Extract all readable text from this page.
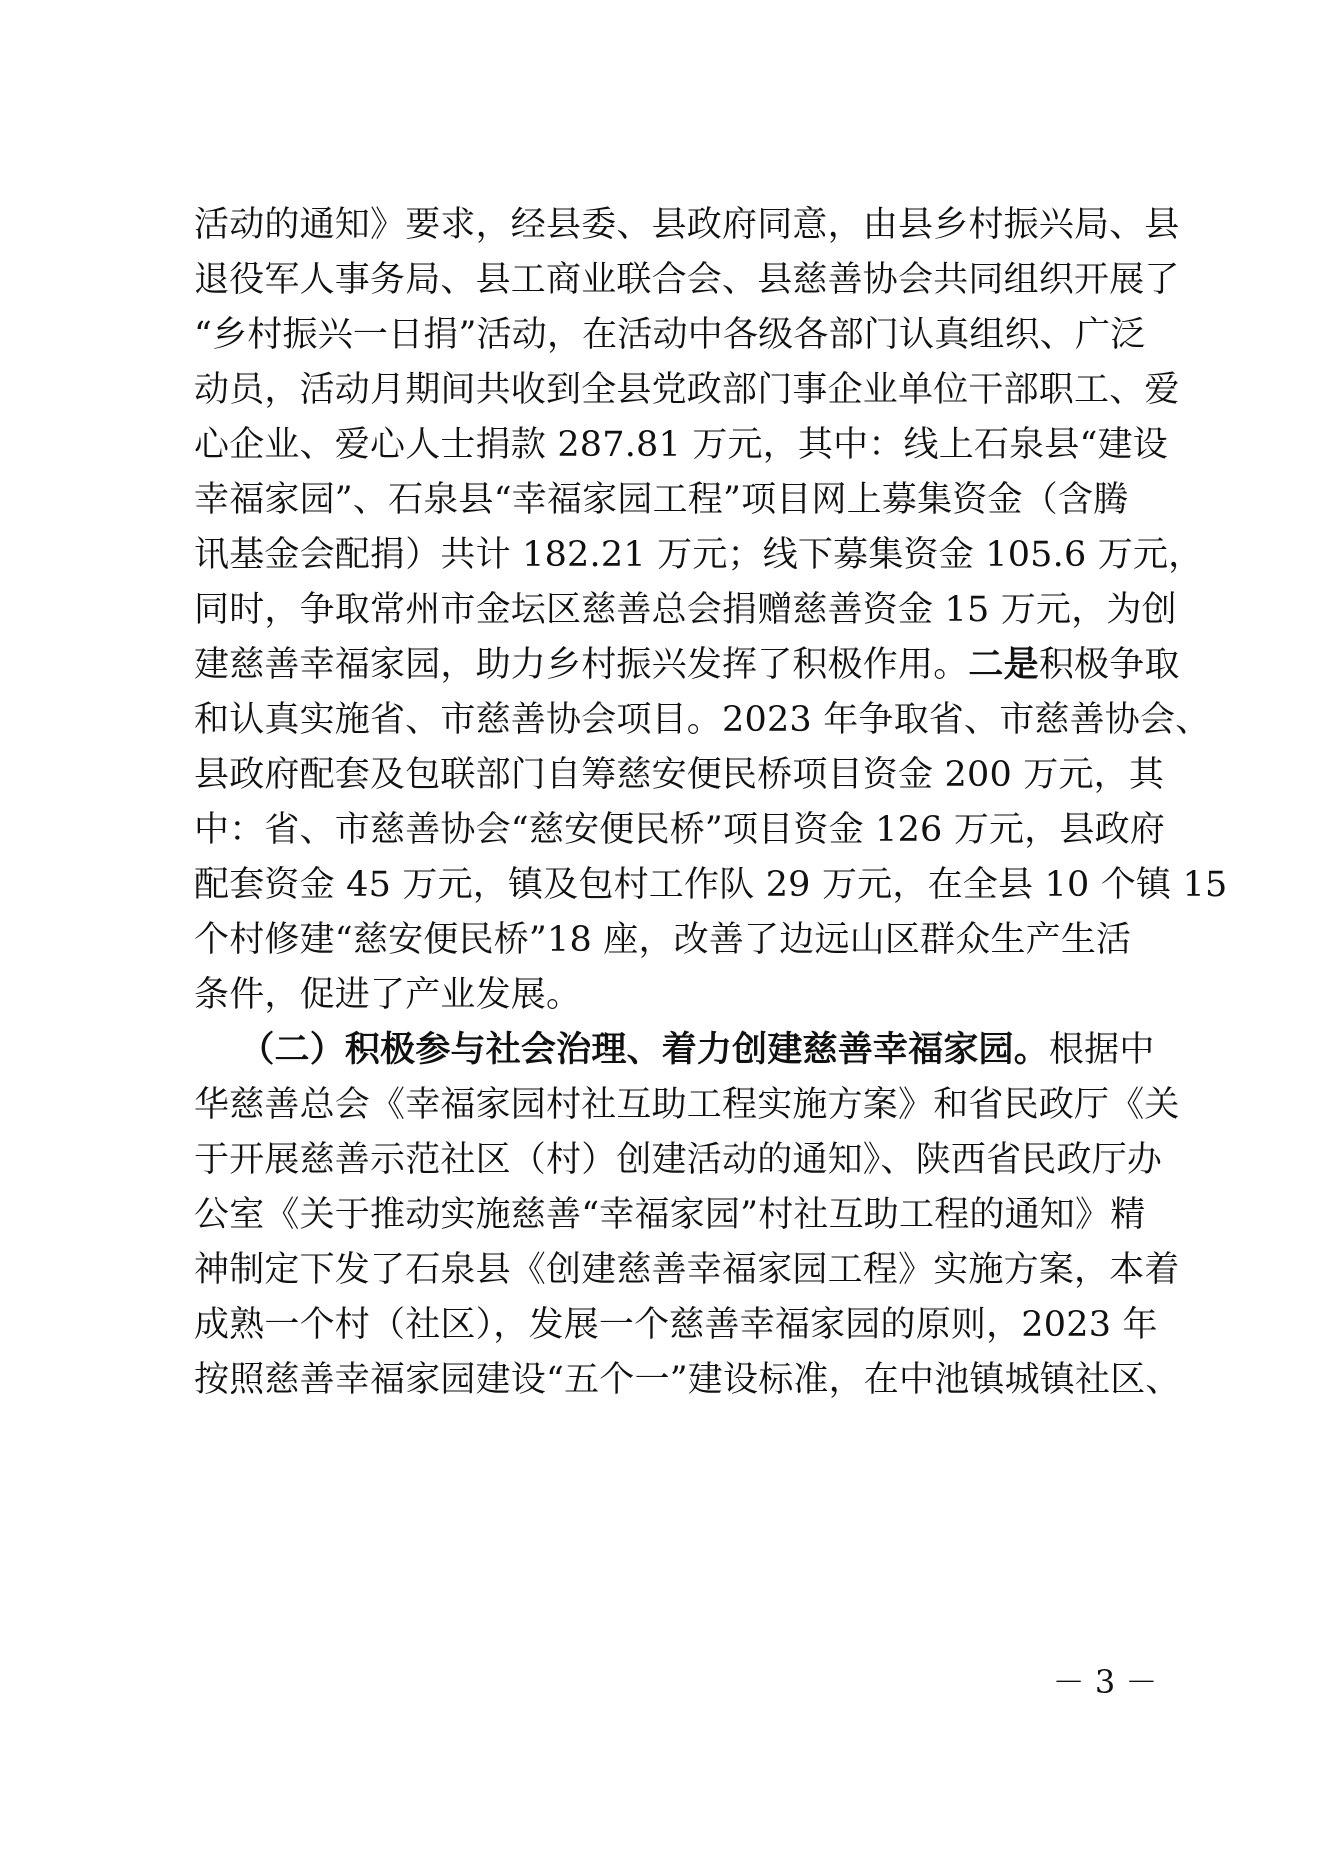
活动的通知》要求，经县委、县政府同意，由县乡村振兴局、县
退役军人事务局、县工商业联合会、县慈善协会共同组织开展了
“乡村振兴一日捐”活动，在活动中各级各部门认真组织、广泛
动员，活动月期间共收到全县党政部门事企业单位干部职工、爱
心企业、爱心人士捐款 287.81 万元，其中：线上石泉县“建设
幸福家园”、石泉县“幸福家园工程”项目网上募集资金（含腾
讯基金会配捐）共计 182.21 万元；线下募集资金 105.6 万元，
同时，争取常州市金坛区慈善总会捐赠慈善资金 15 万元，为创
建慈善幸福家园，助力乡村振兴发挥了积极作用。二是积极争取
和认真实施省、市慈善协会项目。2023 年争取省、市慈善协会、
县政府配套及包联部门自筹慈安便民桥项目资金 200 万元，其
中：省、市慈善协会“慈安便民桥”项目资金 126 万元，县政府
配套资金 45 万元，镇及包村工作队 29 万元，在全县 10 个镇 15
个村修建“慈安便民桥”18 座，改善了边远山区群众生产生活
条件，促进了产业发展。
（二）积极参与社会治理、着力创建慈善幸福家园。根据中
华慈善总会《幸福家园村社互助工程实施方案》和省民政厅《关
于开展慈善示范社区（村）创建活动的通知》、陕西省民政厅办
公室《关于推动实施慈善“幸福家园”村社互助工程的通知》精
神制定下发了石泉县《创建慈善幸福家园工程》实施方案，本着
成熟一个村（社区），发展一个慈善幸福家园的原则，2023 年
按照慈善幸福家园建设“五个一”建设标准，在中池镇城镇社区、
－ 3 －
